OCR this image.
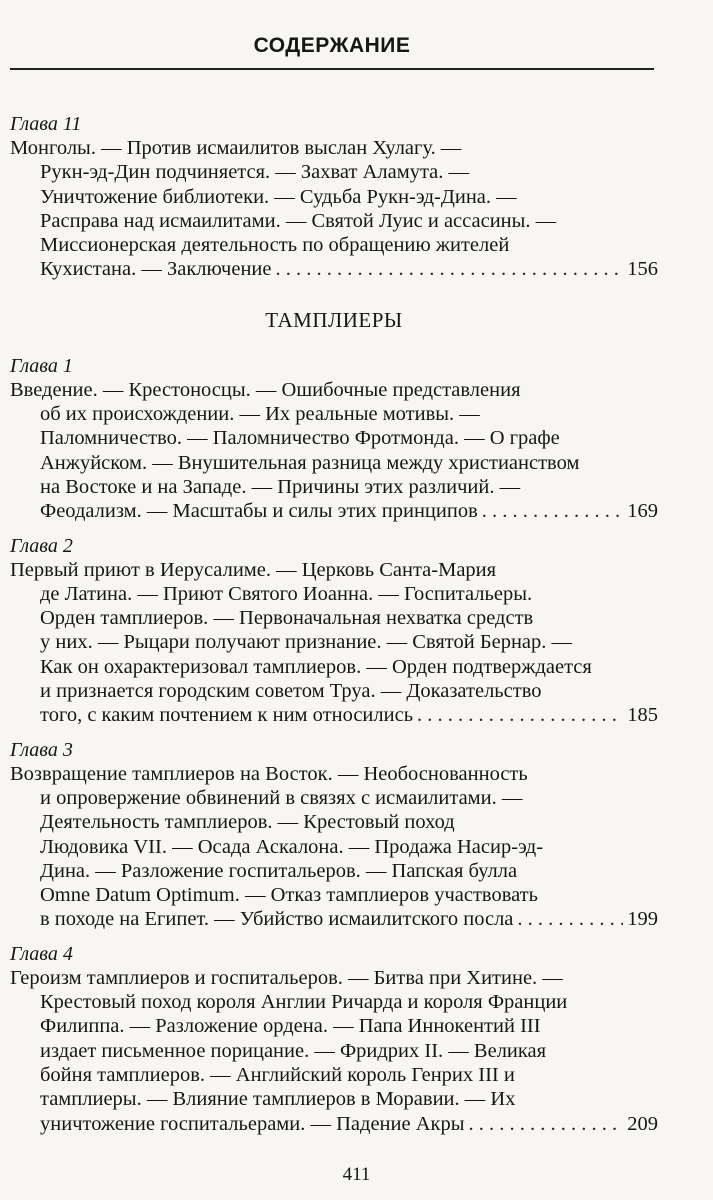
СОДЕРЖАНИЕ
Глава 11
Монголы. — Против исмаилитов выслан Хулагу. —
Рукн-эд-Дин подчиняется. — Захват Аламута. —
Уничтожение библиотеки. — Судьба Рукн-эд-Дина. —
Расправа над исмаилитами. — Святой Луис и ассасины. —
Миссионерская деятельность по обращению жителей
Кухистана. — Заключение . . .	156
ТАМПЛИЕРЫ
Глава 1
Введение. — Крестоносцы. — Ошибочные представления
об их происхождении. — Их реальные мотивы. —
Паломничество. — Паломничество Фротмонда. — О графе
Анжуйском. — Внушительная разница между христианством
на Востоке и на Западе. — Причины этих различий. —
Феодализм. — Масштабы и силы этих принципов . . .	169
Глава 2
Первый приют в Иерусалиме. — Церковь Санта-Мария
де Латина. — Приют Святого Иоанна. — Госпитальеры.
Орден тамплиеров. — Первоначальная нехватка средств
у них. — Рыцари получают признание. — Святой Бернар. —
Как он охарактеризовал тамплиеров. — Орден подтверждается
и признается городским советом Труа. — Доказательство
того, с каким почтением к ним относились . . .	185
Глава 3
Возвращение тамплиеров на Восток. — Необоснованность
и опровержение обвинений в связях с исмаилитами. —
Деятельность тамплиеров. — Крестовый поход
Людовика VII. — Осада Аскалона. — Продажа Насир-эд-
Дина. — Разложение госпитальеров. — Папская булла
Omne Datum Optimum. — Отказ тамплиеров участвовать
в походе на Египет. — Убийство исмаилитского посла . . .	199
Глава 4
Героизм тамплиеров и госпитальеров. — Битва при Хитине. —
Крестовый поход короля Англии Ричарда и короля Франции
Филиппа. — Разложение ордена. — Папа Иннокентий III
издает письменное порицание. — Фридрих II. — Великая
бойня тамплиеров. — Английский король Генрих III и
тамплиеры. — Влияние тамплиеров в Моравии. — Их
уничтожение госпитальерами. — Падение Акры . . .	209
411
